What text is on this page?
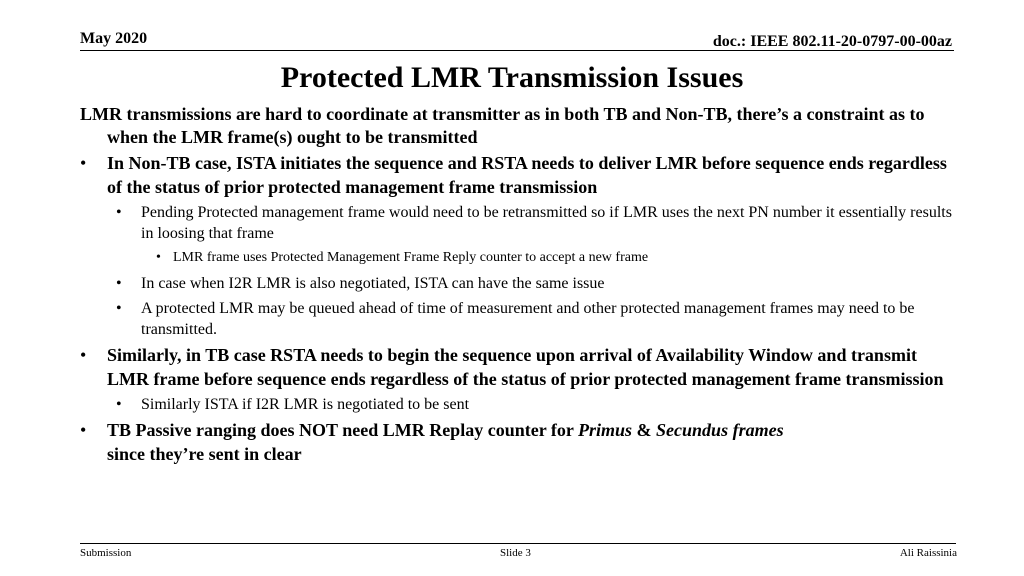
May 2020	doc.: IEEE 802.11-20-0797-00-00az
Protected LMR Transmission Issues

LMR transmissions are hard to coordinate at transmitter as in both TB and Non-TB, there’s a constraint as to when the LMR frame(s) ought to be transmitted

• In Non-TB case, ISTA initiates the sequence and RSTA needs to deliver LMR before sequence ends regardless of the status of prior protected management frame transmission

• Pending Protected management frame would need to be retransmitted so if LMR uses the next PN number it essentially results in loosing that frame

• LMR frame uses Protected Management Frame Reply counter to accept a new frame

• In case when I2R LMR is also negotiated, ISTA can have the same issue

• A protected LMR may be queued ahead of time of measurement and other protected management frames may need to be transmitted.

• Similarly, in TB case RSTA needs to begin the sequence upon arrival of Availability Window and transmit LMR frame before sequence ends regardless of the status of prior protected management frame transmission

• Similarly ISTA if I2R LMR is negotiated to be sent

• TB Passive ranging does NOT need LMR Replay counter for Primus & Secundus frames
since they’re sent in clear

Submission	Slide 3	Ali Raissinia
